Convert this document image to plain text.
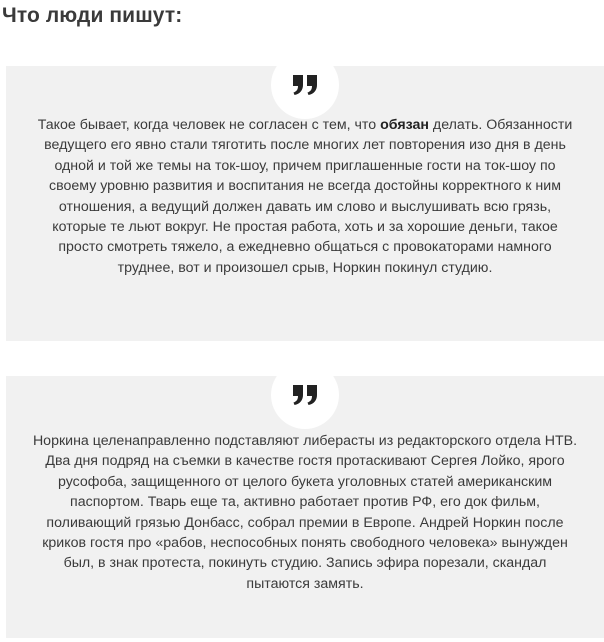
Что люди пишут:

Такое бывает, когда человек не согласен с тем, что обязан делать. Обязанности ведущего его явно стали тяготить после многих лет повторения изо дня в день одной и той же темы на ток-шоу, причем приглашенные гости на ток-шоу по своему уровню развития и воспитания не всегда достойны корректного к ним отношения, а ведущий должен давать им слово и выслушивать всю грязь, которые те льют вокруг. Не простая работа, хоть и за хорошие деньги, такое просто смотреть тяжело, а ежедневно общаться с провокаторами намного труднее, вот и произошел срыв, Норкин покинул студию.

Норкина целенаправленно подставляют либерасты из редакторского отдела НТВ. Два дня подряд на съемки в качестве гостя протаскивают Сергея Лойко, ярого русофоба, защищенного от целого букета уголовных статей американским паспортом. Тварь еще та, активно работает против РФ, его док фильм, поливающий грязью Донбасс, собрал премии в Европе. Андрей Норкин после криков гостя про «рабов, неспособных понять свободного человека» вынужден был, в знак протеста, покинуть студию. Запись эфира порезали, скандал пытаются замять.
